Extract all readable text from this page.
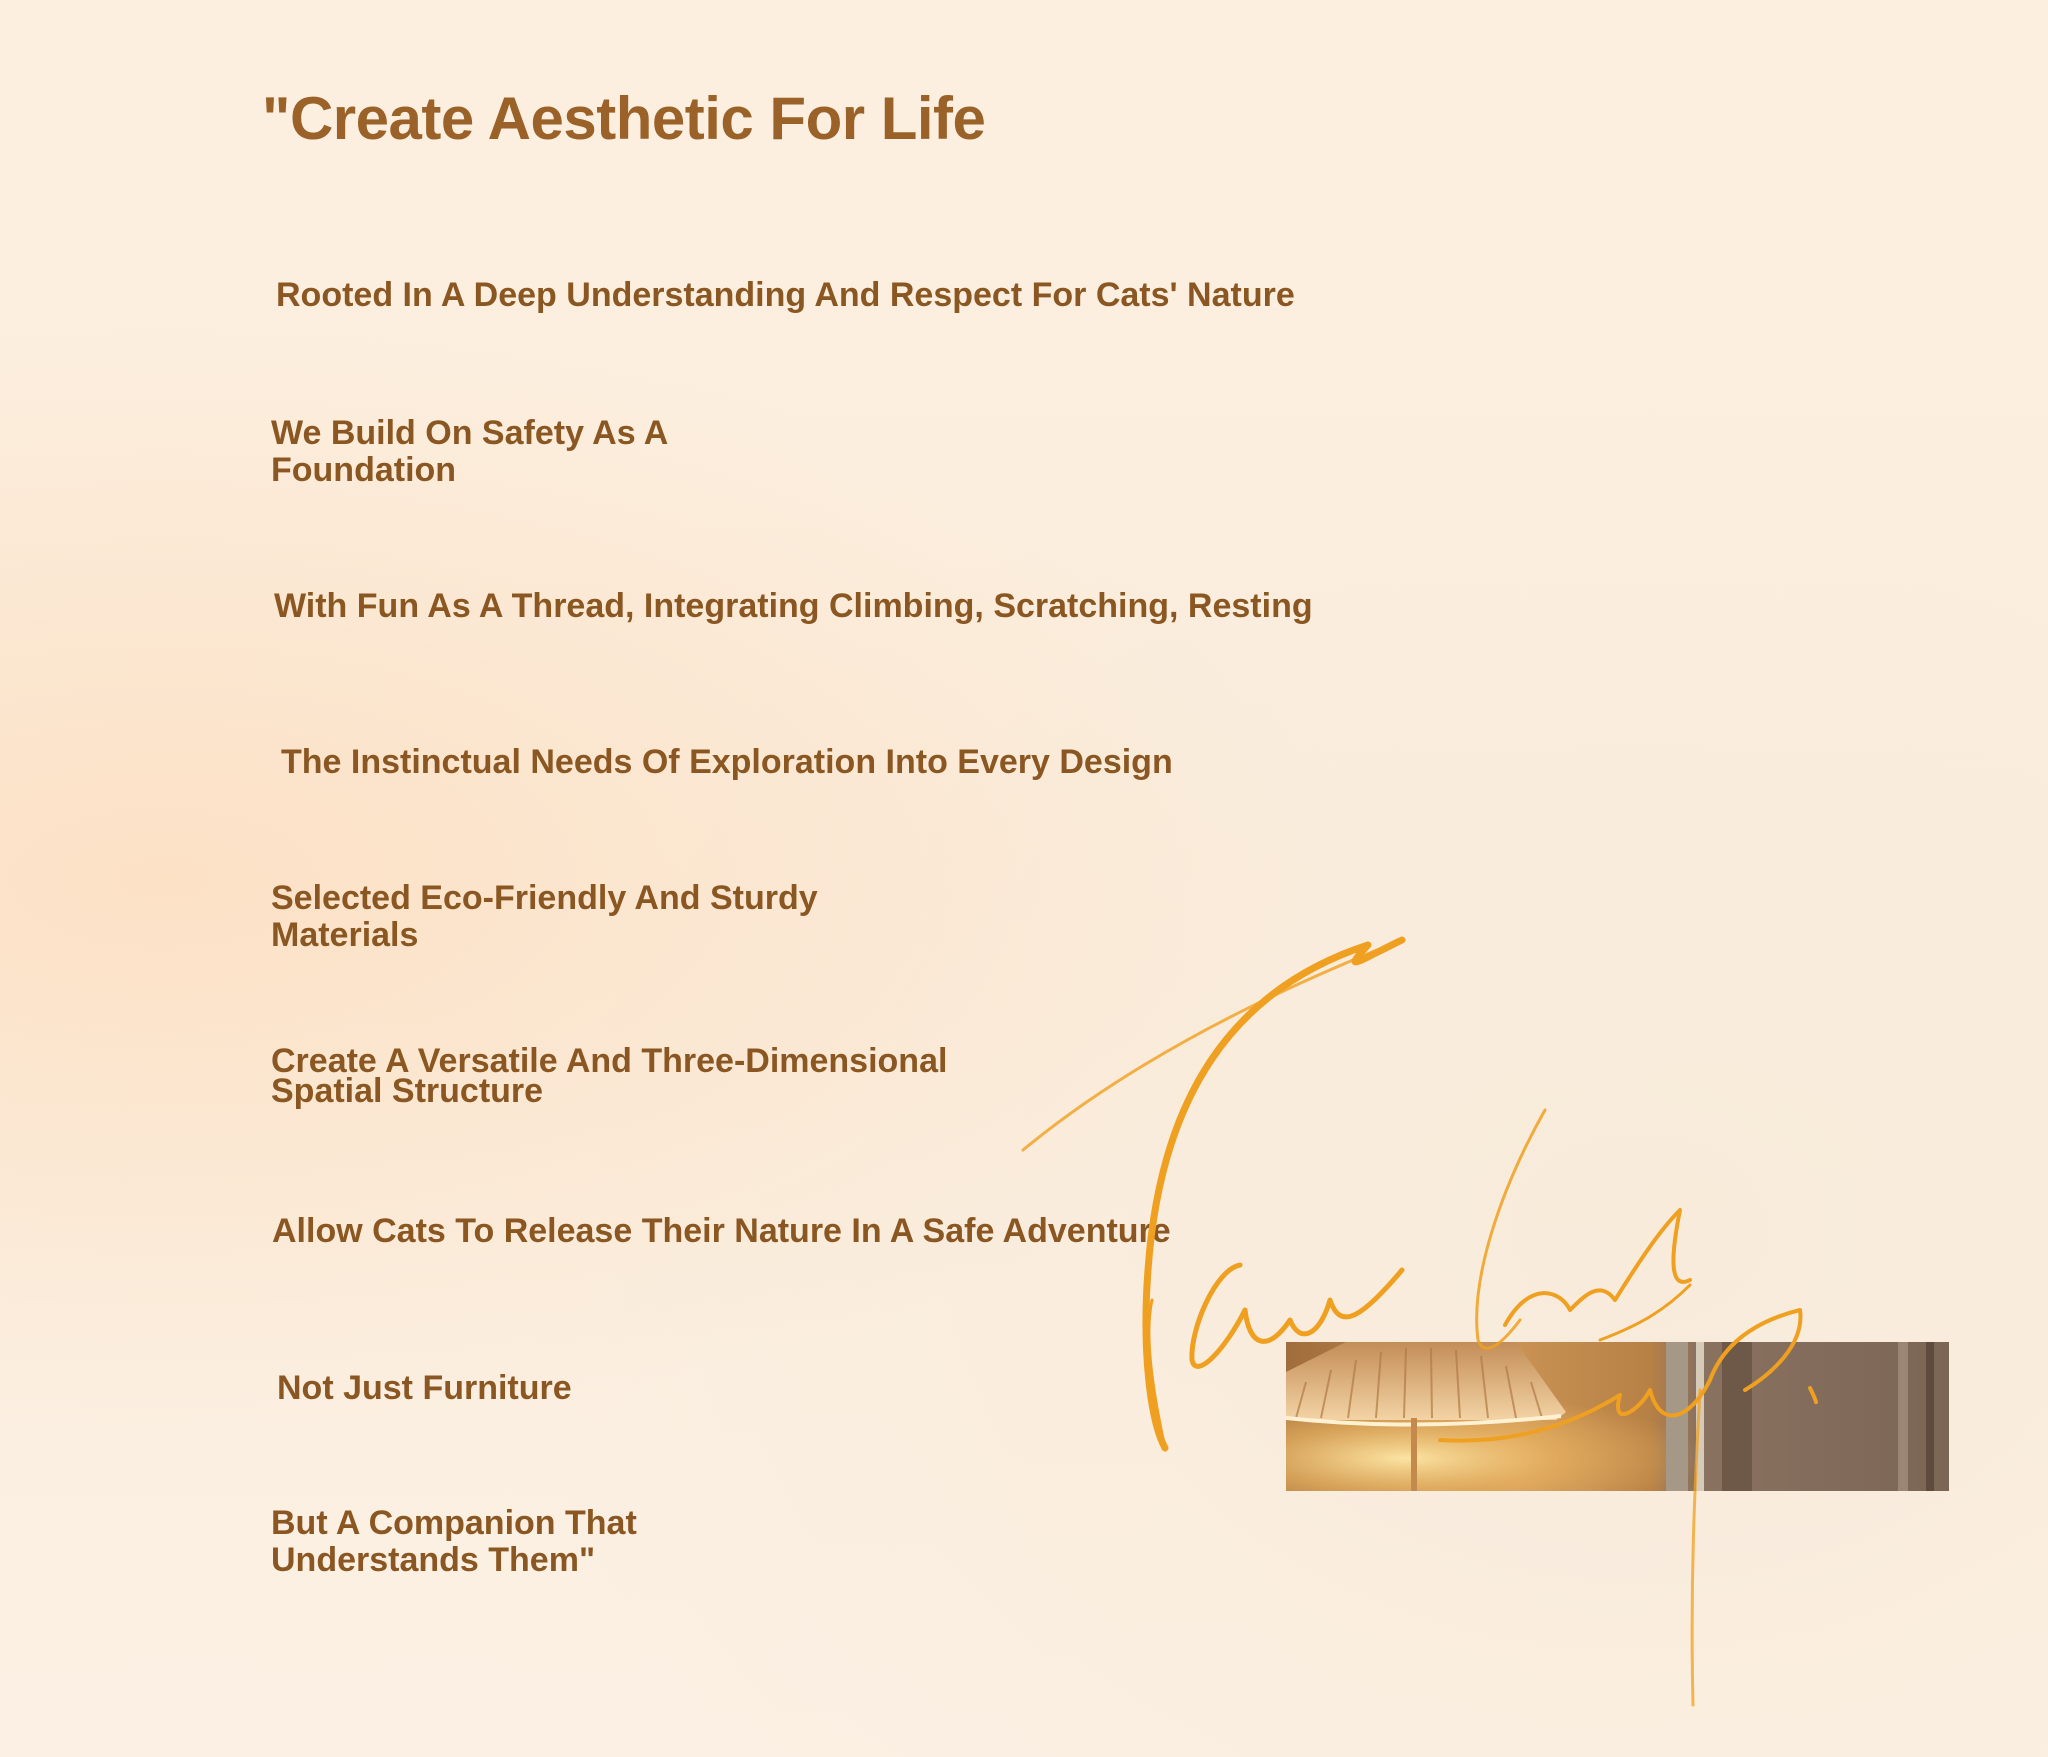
"Create Aesthetic For Life

Rooted In A Deep Understanding And Respect For Cats' Nature

We Build On Safety As A
Foundation

With Fun As A Thread, Integrating Climbing, Scratching, Resting

The Instinctual Needs Of Exploration Into Every Design

Selected Eco-Friendly And Sturdy
Materials

Create A Versatile And Three-Dimensional
Spatial Structure

Allow Cats To Release Their Nature In A Safe Adventure

Not Just Furniture

But A Companion That
Understands Them"
